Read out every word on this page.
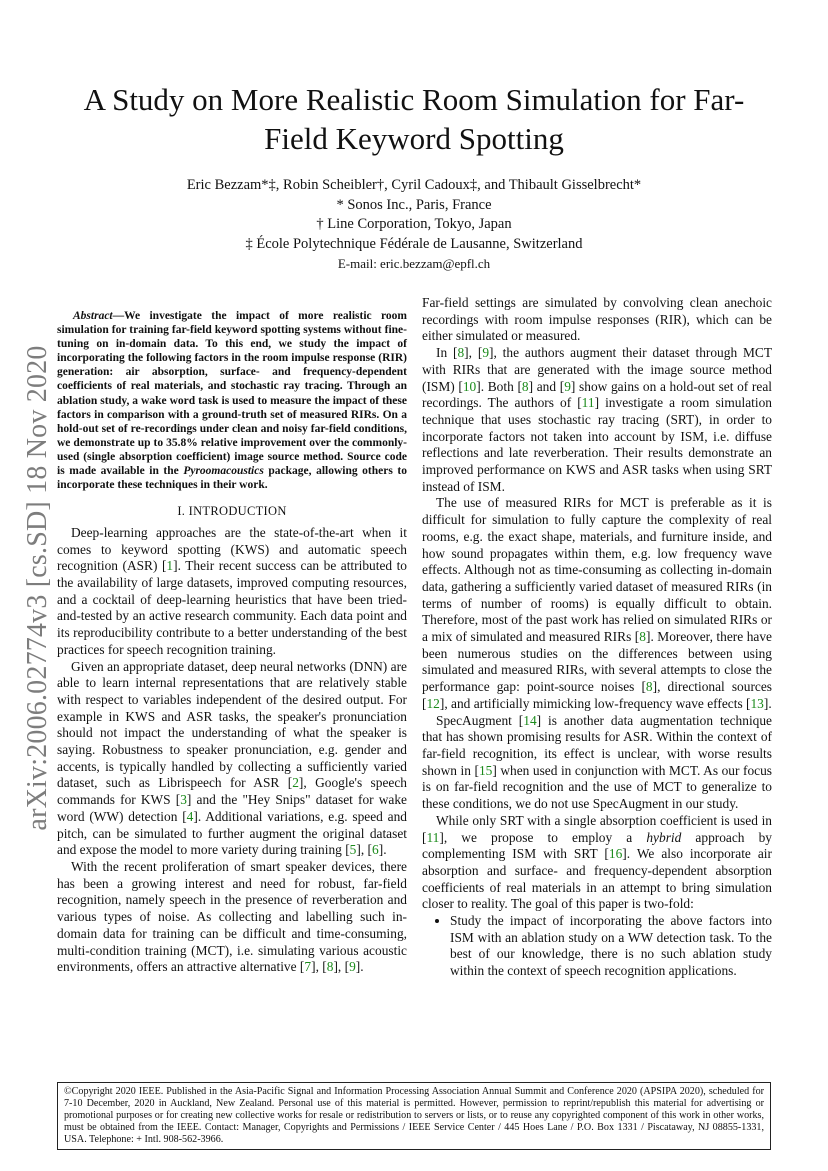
A Study on More Realistic Room Simulation for Far-Field Keyword Spotting
Eric Bezzam*‡, Robin Scheibler†, Cyril Cadoux‡, and Thibault Gisselbrecht*
* Sonos Inc., Paris, France
† Line Corporation, Tokyo, Japan
‡ École Polytechnique Fédérale de Lausanne, Switzerland
E-mail: eric.bezzam@epfl.ch
arXiv:2006.02774v3 [cs.SD] 18 Nov 2020

Abstract—We investigate the impact of more realistic room simulation for training far-field keyword spotting systems without fine-tuning on in-domain data. To this end, we study the impact of incorporating the following factors in the room impulse response (RIR) generation: air absorption, surface- and frequency-dependent coefficients of real materials, and stochastic ray tracing. Through an ablation study, a wake word task is used to measure the impact of these factors in comparison with a ground-truth set of measured RIRs. On a hold-out set of re-recordings under clean and noisy far-field conditions, we demonstrate up to 35.8% relative improvement over the commonly-used (single absorption coefficient) image source method. Source code is made available in the Pyroomacoustics package, allowing others to incorporate these techniques in their work.

I. INTRODUCTION

Deep-learning approaches are the state-of-the-art when it comes to keyword spotting (KWS) and automatic speech recognition (ASR) [ 1 ] . Their recent success can be attributed to the availability of large datasets, improved computing resources, and a cocktail of deep-learning heuristics that have been tried-and-tested by an active research community. Each data point and its reproducibility contribute to a better understanding of the best practices for speech recognition training.

Given an appropriate dataset, deep neural networks (DNN) are able to learn internal representations that are relatively stable with respect to variables independent of the desired output. For example in KWS and ASR tasks, the speaker's pronunciation should not impact the understanding of what the speaker is saying. Robustness to speaker pronunciation, e.g. gender and accents, is typically handled by collecting a sufficiently varied dataset, such as Librispeech for ASR [ 2 ] , Google's speech commands for KWS [ 3 ] and the "Hey Snips" dataset for wake word (WW) detection [ 4 ] . Additional variations, e.g. speed and pitch, can be simulated to further augment the original dataset and expose the model to more variety during training [ 5 ] , [ 6 ] .

With the recent proliferation of smart speaker devices, there has been a growing interest and need for robust, far-field recognition, namely speech in the presence of reverberation and various types of noise. As collecting and labelling such in-domain data for training can be difficult and time-consuming, multi-condition training (MCT), i.e. simulating various acoustic environments, offers an attractive alternative [ 7 ] , [ 8 ] , [ 9 ] .

Far-field settings are simulated by convolving clean anechoic recordings with room impulse responses (RIR), which can be either simulated or measured.

In [ 8 ] , [ 9 ] , the authors augment their dataset through MCT with RIRs that are generated with the image source method (ISM) [ 10 ] . Both [ 8 ] and [ 9 ] show gains on a hold-out set of real recordings. The authors of [ 11 ] investigate a room simulation technique that uses stochastic ray tracing (SRT), in order to incorporate factors not taken into account by ISM, i.e. diffuse reflections and late reverberation. Their results demonstrate an improved performance on KWS and ASR tasks when using SRT instead of ISM.

The use of measured RIRs for MCT is preferable as it is difficult for simulation to fully capture the complexity of real rooms, e.g. the exact shape, materials, and furniture inside, and how sound propagates within them, e.g. low frequency wave effects. Although not as time-consuming as collecting in-domain data, gathering a sufficiently varied dataset of measured RIRs (in terms of number of rooms) is equally difficult to obtain. Therefore, most of the past work has relied on simulated RIRs or a mix of simulated and measured RIRs [ 8 ] . Moreover, there have been numerous studies on the differences between using simulated and measured RIRs, with several attempts to close the performance gap: point-source noises [ 8 ] , directional sources [ 12 ] , and artificially mimicking low-frequency wave effects [ 13 ] .

SpecAugment [ 14 ] is another data augmentation technique that has shown promising results for ASR. Within the context of far-field recognition, its effect is unclear, with worse results shown in [ 15 ] when used in conjunction with MCT. As our focus is on far-field recognition and the use of MCT to generalize to these conditions, we do not use SpecAugment in our study.

While only SRT with a single absorption coefficient is used in [ 11 ] , we propose to employ a hybrid approach by complementing ISM with SRT [ 16 ] . We also incorporate air absorption and surface- and frequency-dependent absorption coefficients of real materials in an attempt to bring simulation closer to reality. The goal of this paper is two-fold:

• Study the impact of incorporating the above factors into ISM with an ablation study on a WW detection task. To the best of our knowledge, there is no such ablation study within the context of speech recognition applications.
©Copyright 2020 IEEE. Published in the Asia-Pacific Signal and Information Processing Association Annual Summit and Conference 2020 (APSIPA 2020), scheduled for 7-10 December, 2020 in Auckland, New Zealand. Personal use of this material is permitted. However, permission to reprint/republish this material for advertising or promotional purposes or for creating new collective works for resale or redistribution to servers or lists, or to reuse any copyrighted component of this work in other works, must be obtained from the IEEE. Contact: Manager, Copyrights and Permissions / IEEE Service Center / 445 Hoes Lane / P.O. Box 1331 / Piscataway, NJ 08855-1331, USA. Telephone: + Intl. 908-562-3966.
